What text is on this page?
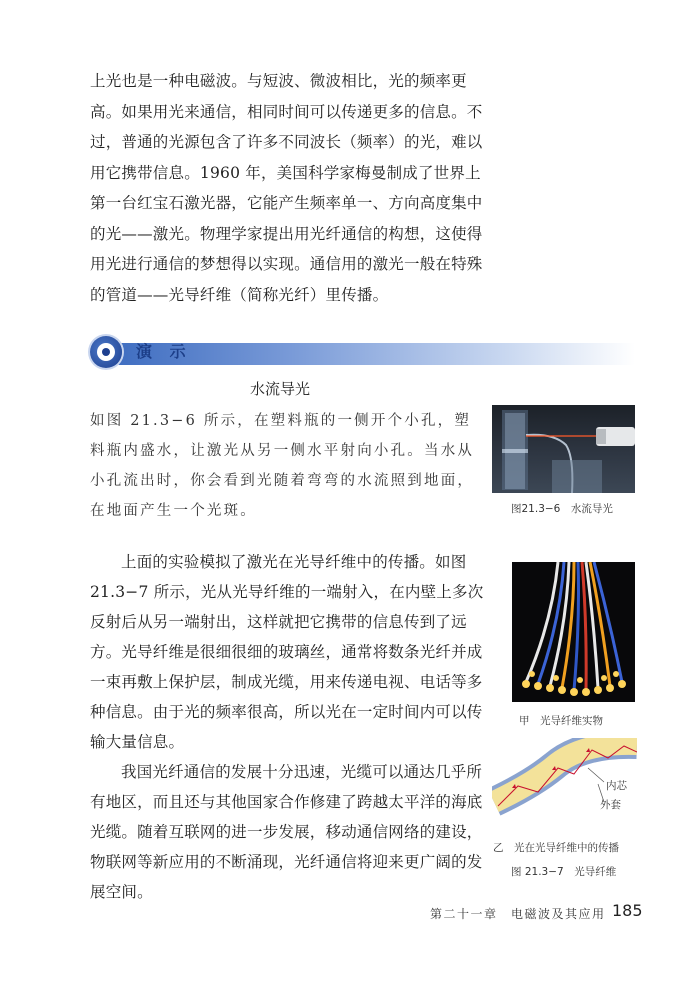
上光也是一种电磁波。与短波、微波相比，光的频率更高。如果用光来通信，相同时间可以传递更多的信息。不过，普通的光源包含了许多不同波长（频率）的光，难以用它携带信息。1960 年，美国科学家梅曼制成了世界上第一台红宝石激光器，它能产生频率单一、方向高度集中的光——激光。物理学家提出用光纤通信的构想，这使得用光进行通信的梦想得以实现。通信用的激光一般在特殊的管道——光导纤维（简称光纤）里传播。
演 示
水流导光
如图 21.3−6 所示，在塑料瓶的一侧开个小孔，塑料瓶内盛水，让激光从另一侧水平射向小孔。当水从小孔流出时，你会看到光随着弯弯的水流照到地面，在地面产生一个光斑。	图21.3−6　水流导光

上面的实验模拟了激光在光导纤维中的传播。如图 21.3−7 所示，光从光导纤维的一端射入，在内壁上多次反射后从另一端射出，这样就把它携带的信息传到了远方。光导纤维是很细很细的玻璃丝，通常将数条光纤并成一束再敷上保护层，制成光缆，用来传递电视、电话等多种信息。由于光的频率很高，所以光在一定时间内可以传输大量信息。

我国光纤通信的发展十分迅速，光缆可以通达几乎所有地区，而且还与其他国家合作修建了跨越太平洋的海底光缆。随着互联网的进一步发展，移动通信网络的建设，物联网等新应用的不断涌现，光纤通信将迎来更广阔的发展空间。

甲　光导纤维实物
内芯
外套
乙　光在光导纤维中的传播
图 21.3−7　光导纤维
第二十一章　电磁波及其应用 185
